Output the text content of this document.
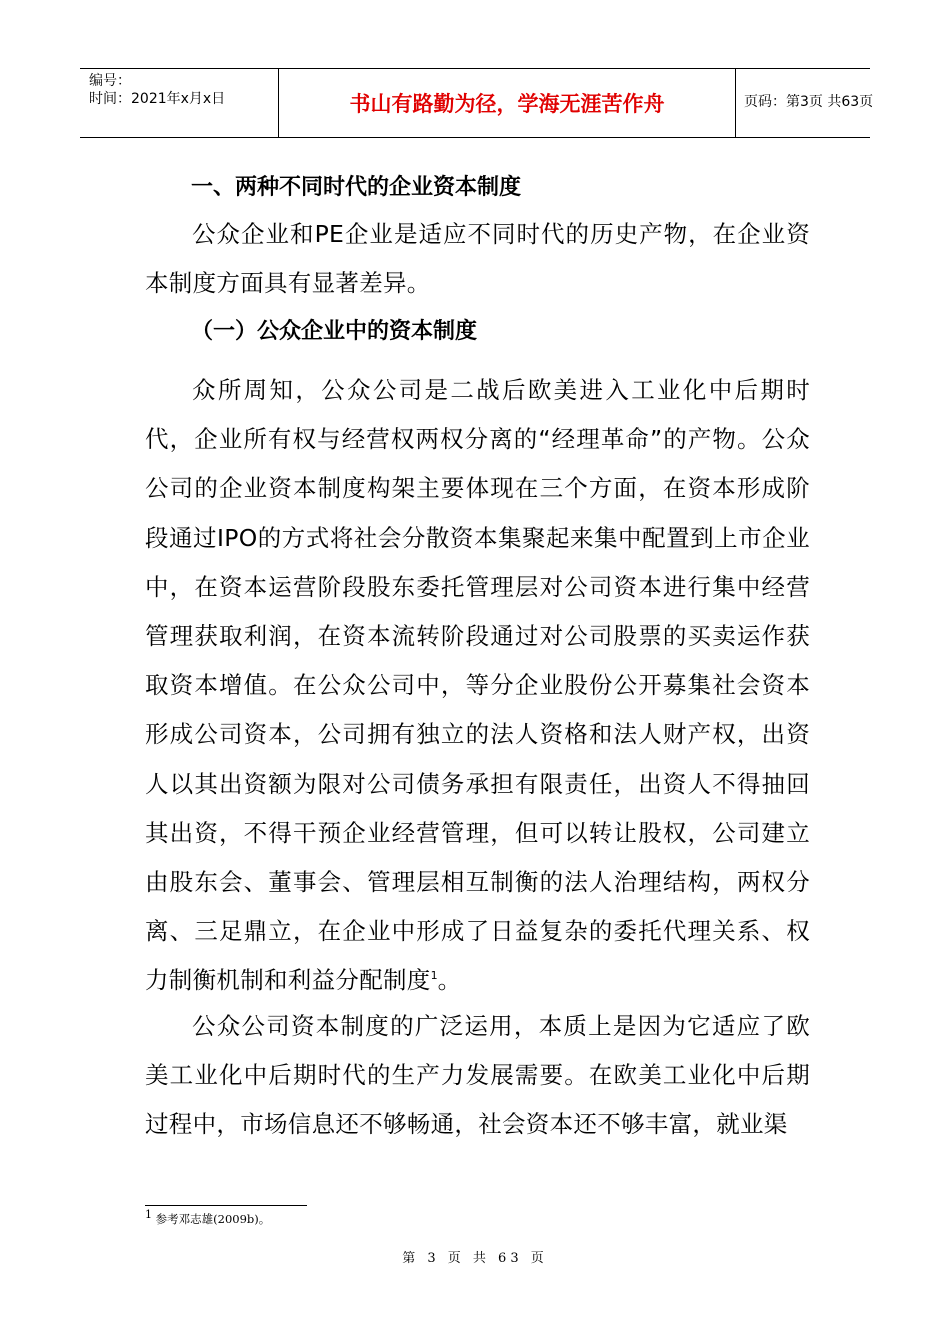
编号：
时间：2021年x月x日	书山有路勤为径，学海无涯苦作舟	页码：第3页 共63页
一、两种不同时代的企业资本制度

公众企业和PE企业是适应不同时代的历史产物，在企业资本制度方面具有显著差异。

（一）公众企业中的资本制度

众所周知，公众公司是二战后欧美进入工业化中后期时代，企业所有权与经营权两权分离的“经理革命”的产物。公众公司的企业资本制度构架主要体现在三个方面，在资本形成阶段通过IPO的方式将社会分散资本集聚起来集中配置到上市企业中，在资本运营阶段股东委托管理层对公司资本进行集中经营管理获取利润，在资本流转阶段通过对公司股票的买卖运作获取资本增值。在公众公司中，等分企业股份公开募集社会资本形成公司资本，公司拥有独立的法人资格和法人财产权，出资人以其出资额为限对公司债务承担有限责任，出资人不得抽回其出资，不得干预企业经营管理，但可以转让股权，公司建立由股东会、董事会、管理层相互制衡的法人治理结构，两权分离、三足鼎立，在企业中形成了日益复杂的委托代理关系、权力制衡机制和利益分配制度$^1$。

公众公司资本制度的广泛运用，本质上是因为它适应了欧美工业化中后期时代的生产力发展需要。在欧美工业化中后期过程中，市场信息还不够畅通，社会资本还不够丰富，就业渠

$^1$ 参考邓志雄(2009b)。
第 3 页 共 63 页
